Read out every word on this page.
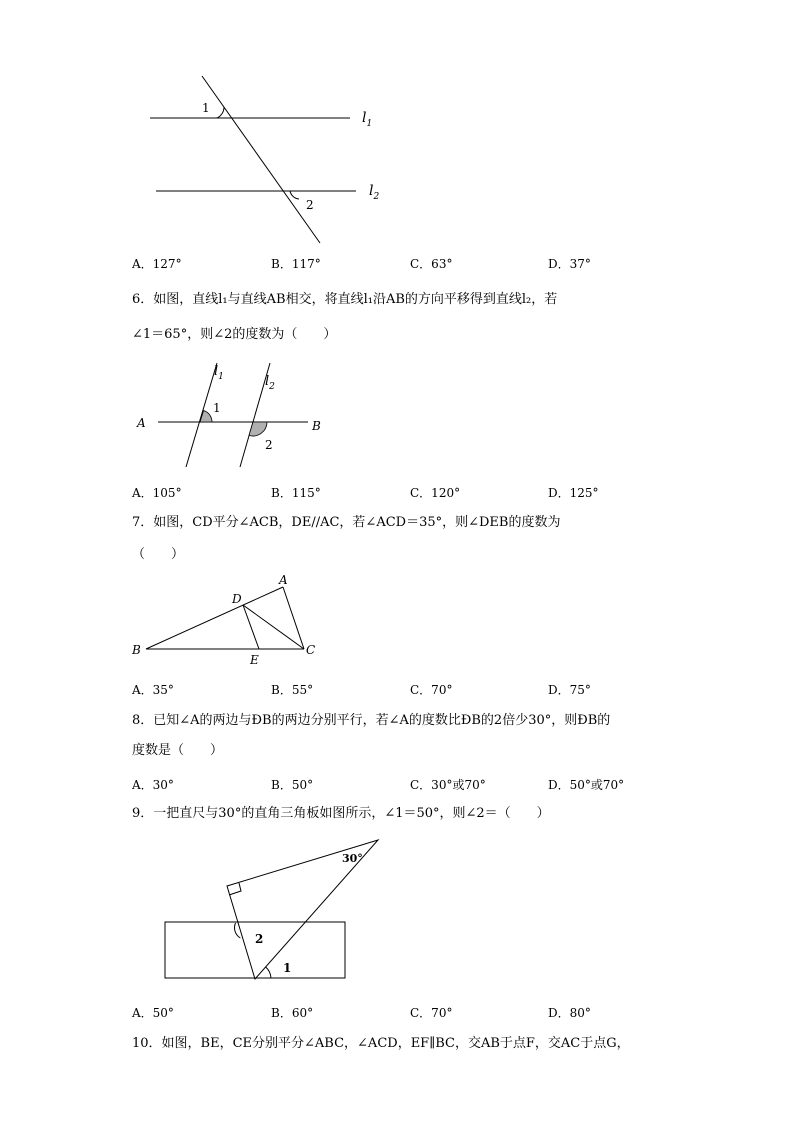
1
2
$l_1$
$l_2$
A．127°	B．117°	C．63°	D．37°
6．如图，直线l₁与直线AB相交，将直线l₁沿AB的方向平移得到直线l₂，若
∠1＝65°，则∠2的度数为（　　）
A	B
1
2
$l_1$	$l_2$
A．105°	B．115°	C．120°	D．125°
7．如图，CD平分∠ACB，DE//AC，若∠ACD＝35°，则∠DEB的度数为
（　　）
A
B	C
D
E
A．35°	B．55°	C．70°	D．75°
8．已知∠A的两边与ÐB的两边分别平行，若∠A的度数比ÐB的2倍少30°，则ÐB的
度数是（　　）
A．30°	B．50°	C．30°或70°	D．50°或70°
9．一把直尺与30°的直角三角板如图所示，∠1＝50°，则∠2＝（　　）
30°
2
1
A．50°	B．60°	C．70°	D．80°
10．如图，BE，CE分别平分∠ABC，∠ACD，EF∥BC，交AB于点F，交AC于点G，
